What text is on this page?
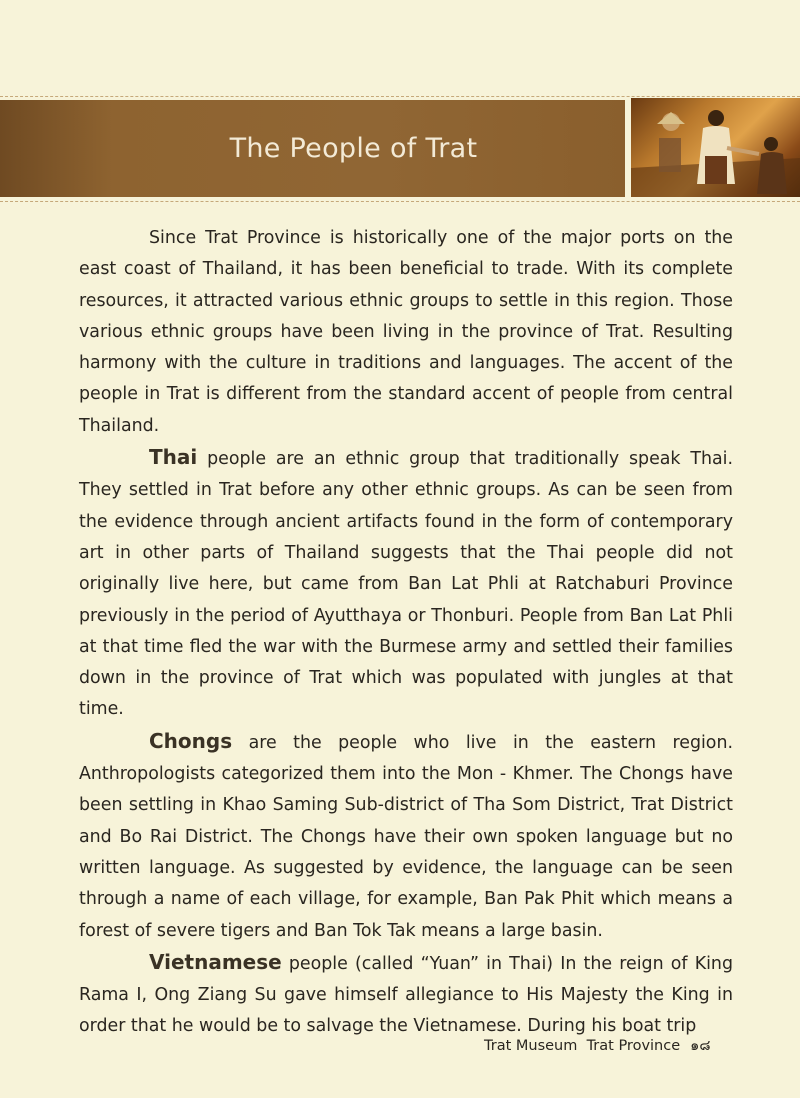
The People of Trat

Since Trat Province is historically one of the major ports on the east coast of Thailand, it has been beneficial to trade. With its complete resources, it attracted various ethnic groups to settle in this region. Those various ethnic groups have been living in the province of Trat. Resulting harmony with the culture in traditions and languages. The accent of the people in Trat is different from the standard accent of people from central Thailand.

Thai people are an ethnic group that traditionally speak Thai. They settled in Trat before any other ethnic groups. As can be seen from the evidence through ancient artifacts found in the form of contemporary art in other parts of Thailand suggests that the Thai people did not originally live here, but came from Ban Lat Phli at Ratchaburi Province previously in the period of Ayutthaya or Thonburi. People from Ban Lat Phli at that time fled the war with the Burmese army and settled their families down in the province of Trat which was populated with jungles at that time.

Chongs are the people who live in the eastern region. Anthropologists categorized them into the Mon - Khmer. The Chongs have been settling in Khao Saming Sub-district of Tha Som District, Trat District and Bo Rai District. The Chongs have their own spoken language but no written language. As suggested by evidence, the language can be seen through a name of each village, for example, Ban Pak Phit which means a forest of severe tigers and Ban Tok Tak means a large basin.

Vietnamese people (called “Yuan” in Thai) In the reign of King Rama I, Ong Ziang Su gave himself allegiance to His Majesty the King in order that he would be to salvage the Vietnamese. During his boat trip

Trat Museum  Trat Province ๑๘
